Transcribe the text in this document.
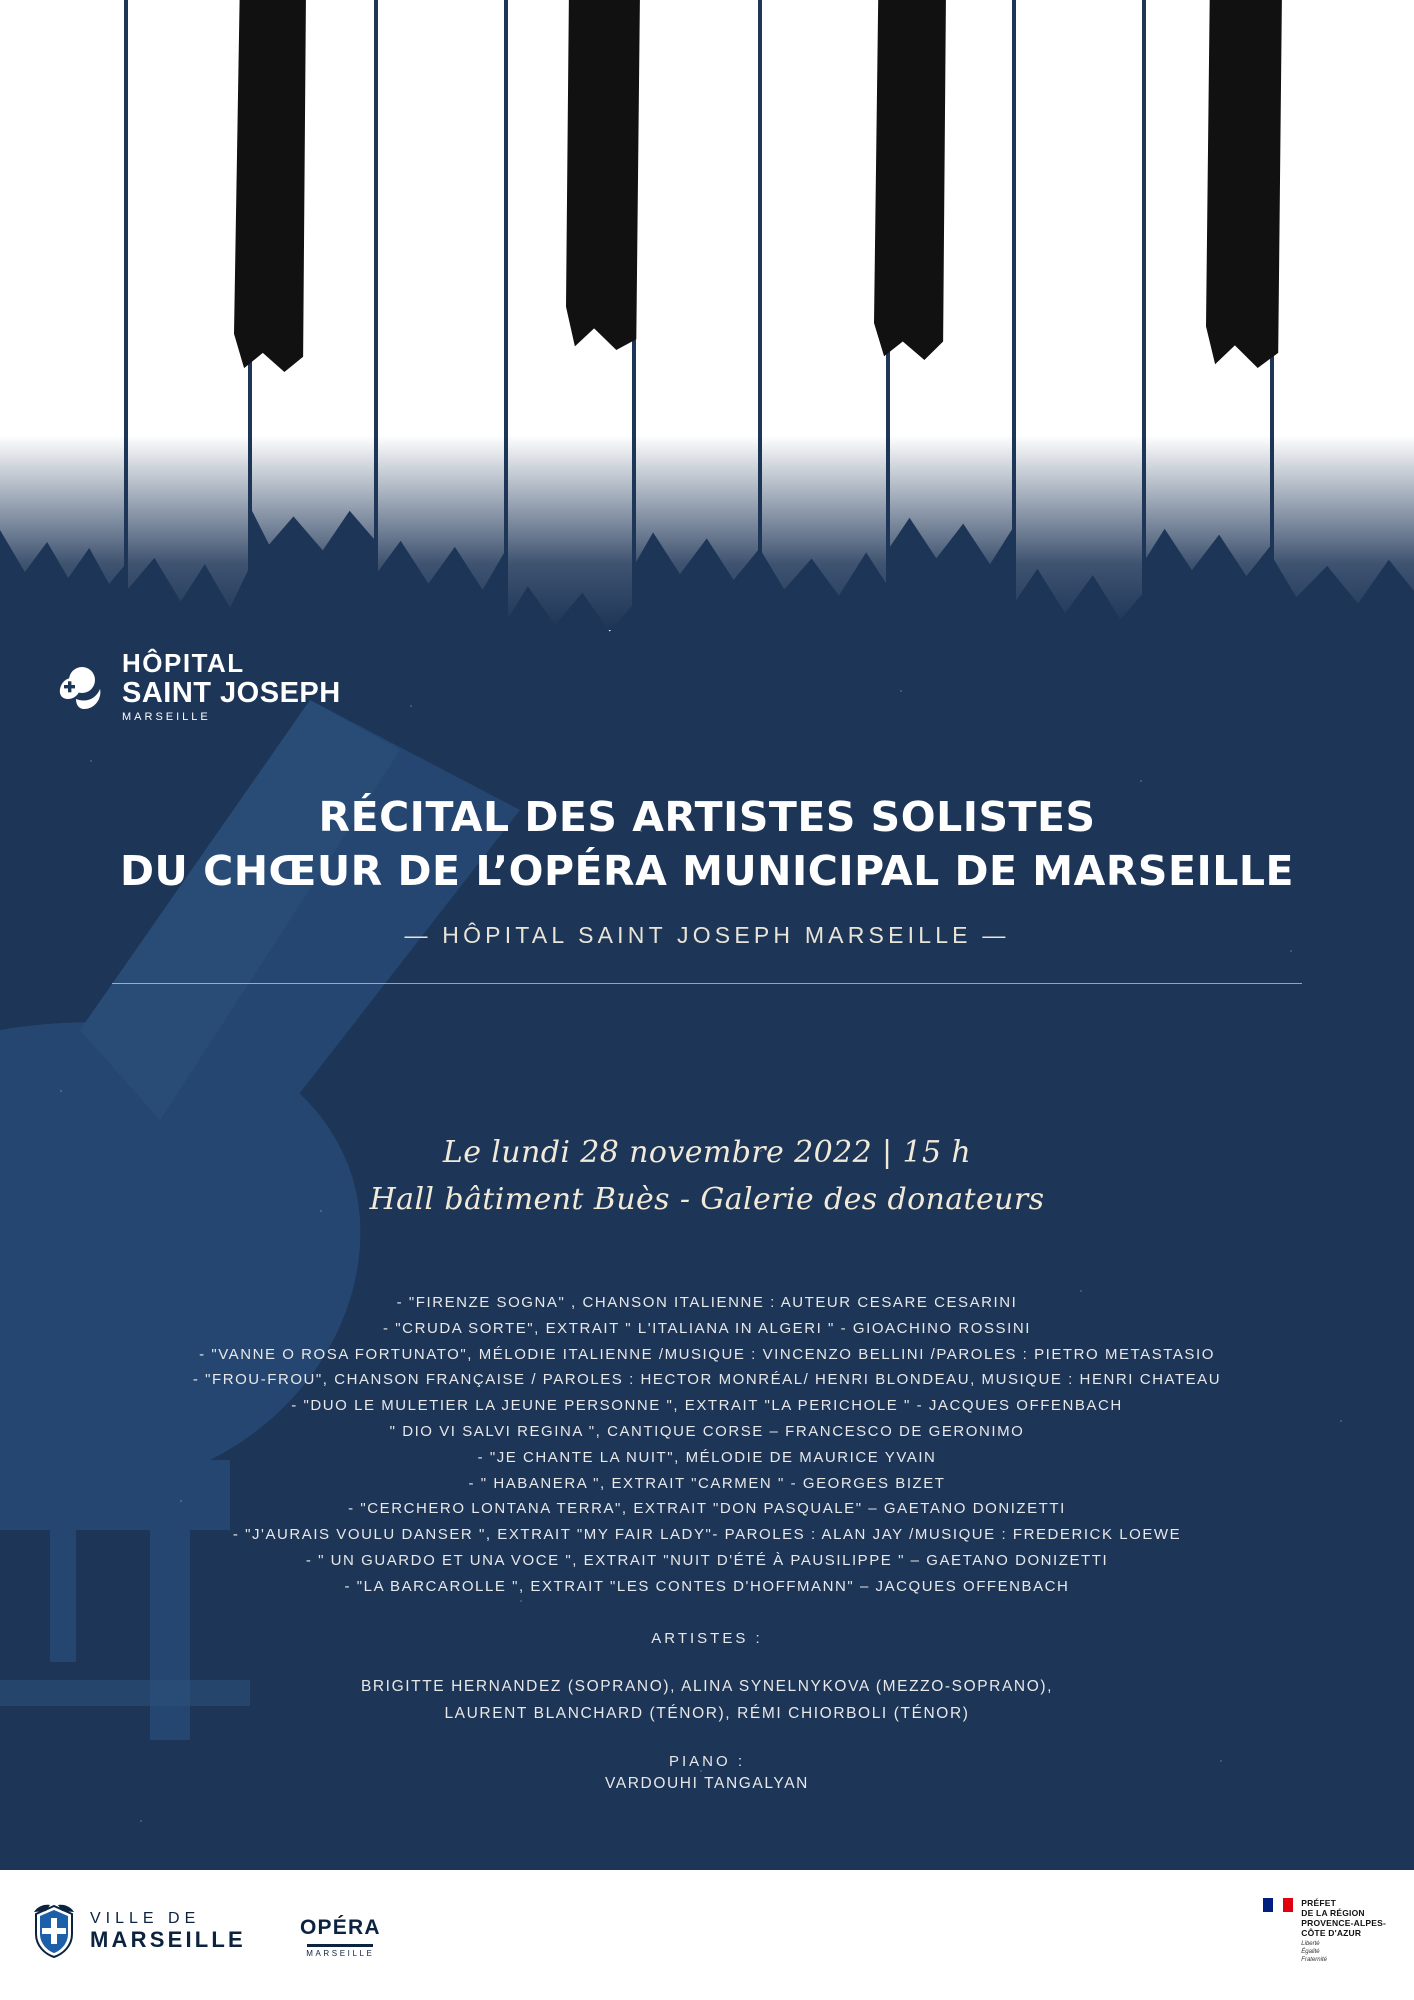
HÔPITAL
SAINT JOSEPH
MARSEILLE
RÉCITAL DES ARTISTES SOLISTES
DU CHŒUR DE L’OPÉRA MUNICIPAL DE MARSEILLE
— HÔPITAL SAINT JOSEPH MARSEILLE —
Le lundi 28 novembre 2022 | 15 h
Hall bâtiment Buès - Galerie des donateurs
- "FIRENZE SOGNA" , CHANSON ITALIENNE : AUTEUR CESARE CESARINI
- "CRUDA SORTE", EXTRAIT " L'ITALIANA IN ALGERI " - GIOACHINO ROSSINI
- "VANNE O ROSA FORTUNATO", MÉLODIE ITALIENNE /MUSIQUE : VINCENZO BELLINI /PAROLES : PIETRO METASTASIO
- "FROU-FROU", CHANSON FRANÇAISE / PAROLES : HECTOR MONRÉAL/ HENRI BLONDEAU, MUSIQUE : HENRI CHATEAU
- "DUO LE MULETIER LA JEUNE PERSONNE ", EXTRAIT "LA PERICHOLE " - JACQUES OFFENBACH
" DIO VI SALVI REGINA ", CANTIQUE CORSE – FRANCESCO DE GERONIMO
- "JE CHANTE LA NUIT", MÉLODIE DE MAURICE YVAIN
- " HABANERA ", EXTRAIT "CARMEN " - GEORGES BIZET
- "CERCHERO LONTANA TERRA", EXTRAIT "DON PASQUALE" – GAETANO DONIZETTI
- "J'AURAIS VOULU DANSER ", EXTRAIT "MY FAIR LADY"- PAROLES : ALAN JAY /MUSIQUE : FREDERICK LOEWE
- " UN GUARDO ET UNA VOCE ", EXTRAIT "NUIT D'ÉTÉ À PAUSILIPPE " – GAETANO DONIZETTI
- "LA BARCAROLLE ", EXTRAIT "LES CONTES D'HOFFMANN" – JACQUES OFFENBACH
ARTISTES :
BRIGITTE HERNANDEZ (SOPRANO), ALINA SYNELNYKOVA (MEZZO-SOPRANO),
LAURENT BLANCHARD (TÉNOR), RÉMI CHIORBOLI (TÉNOR)
PIANO :
VARDOUHI TANGALYAN
VILLE DE
MARSEILLE	OPÉRA
MARSEILLE
PRÉFET
DE LA RÉGION
PROVENCE-ALPES-
CÔTE D'AZUR
Liberté
Égalité
Fraternité
